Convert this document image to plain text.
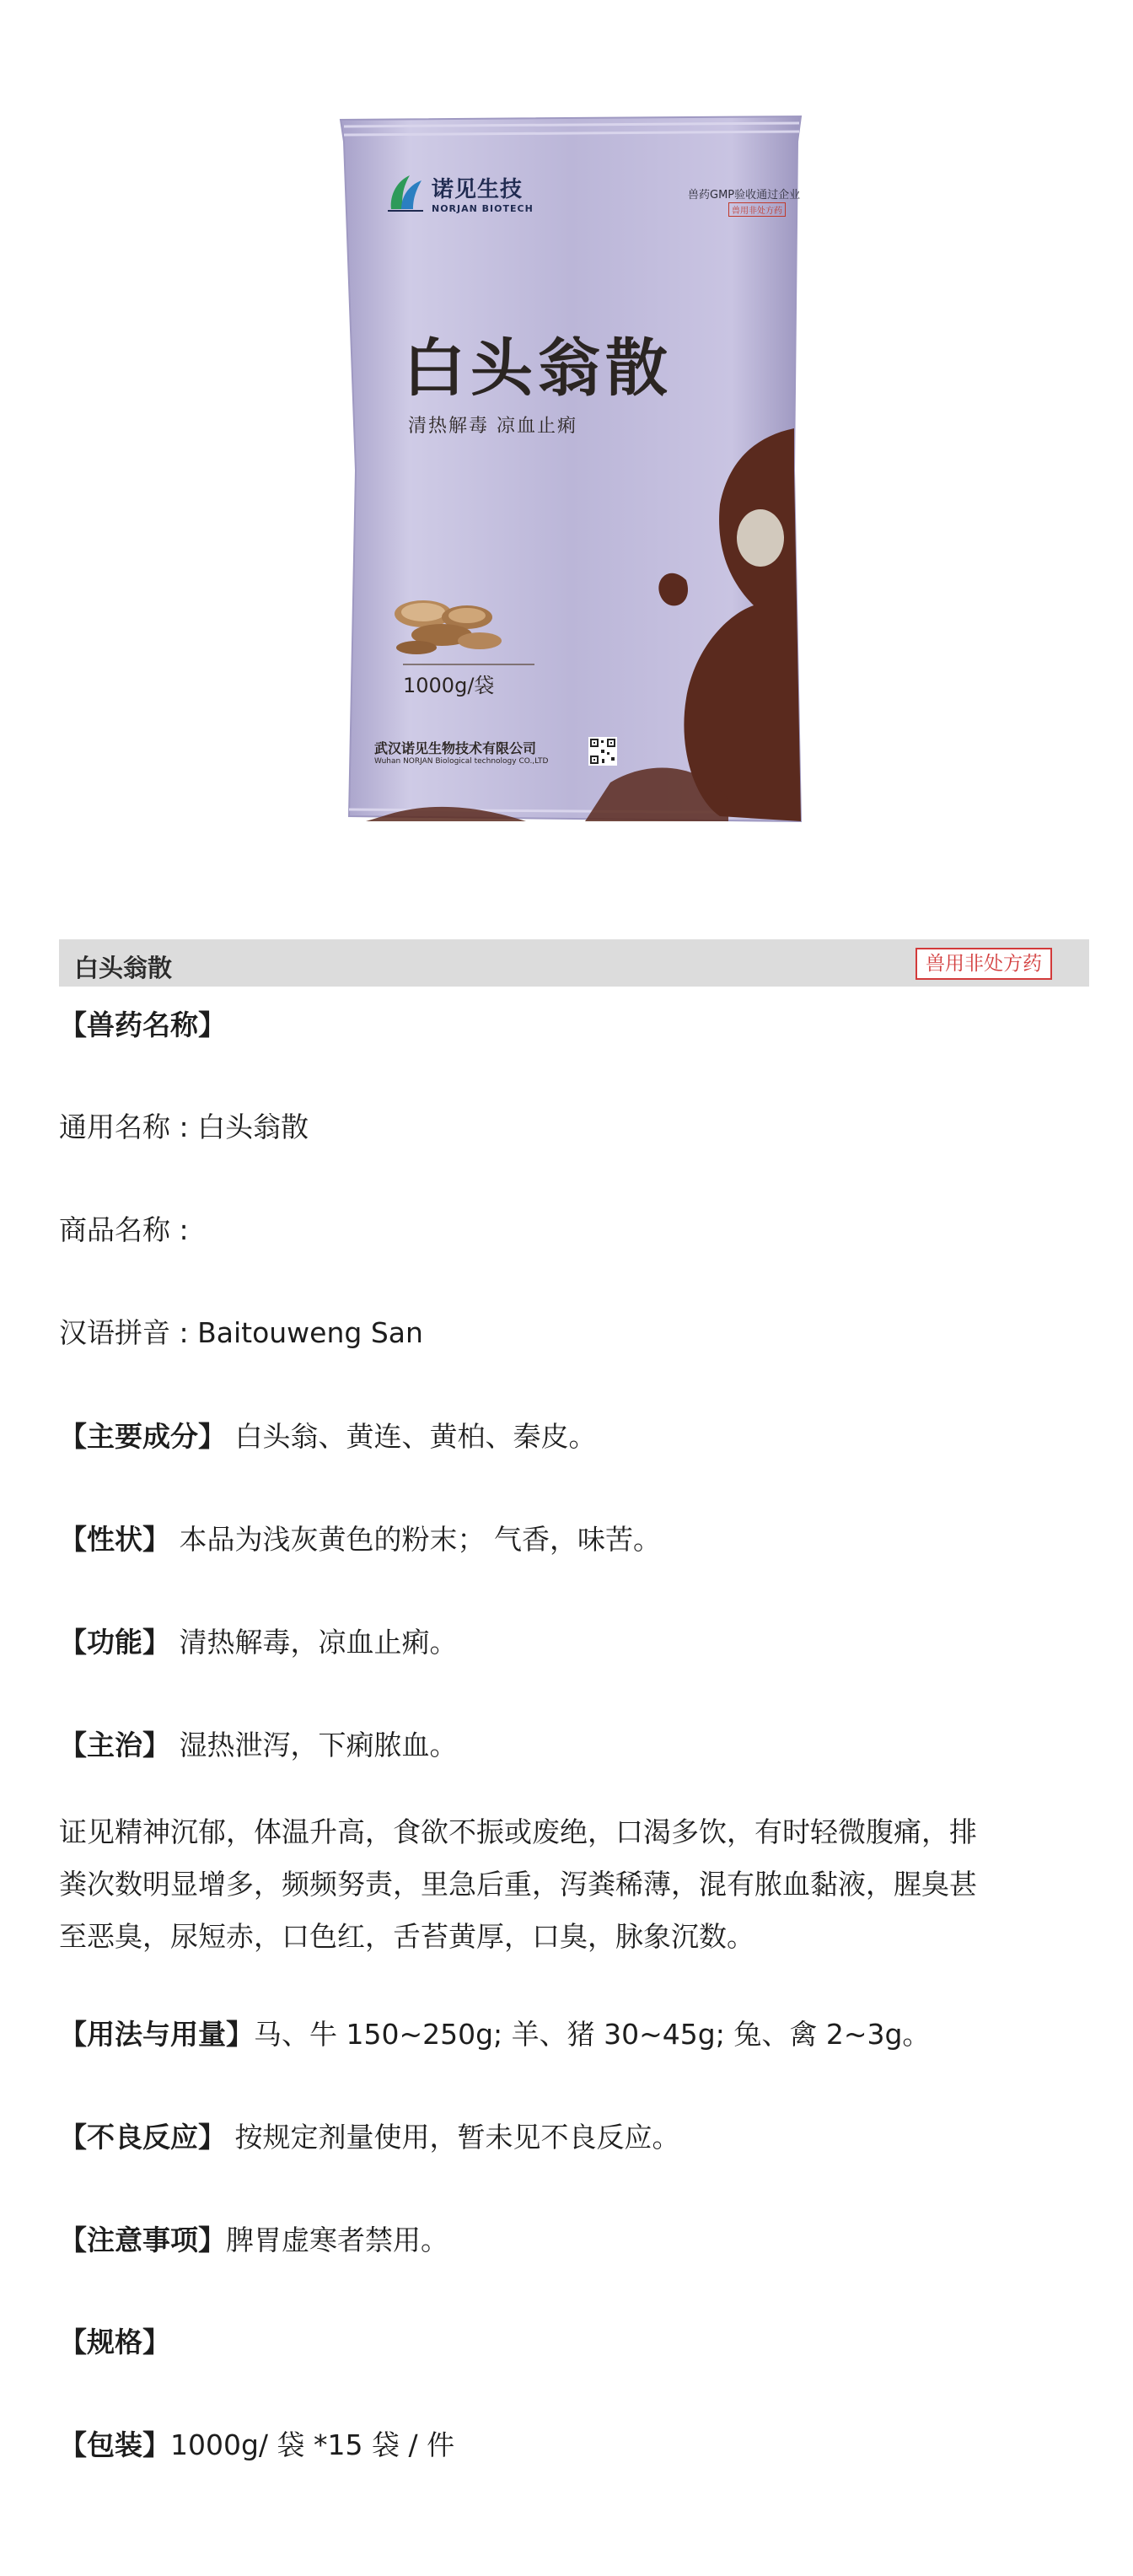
诺见生技
NORJAN BIOTECH
兽药GMP验收通过企业
兽用非处方药
白头翁散
清热解毒 凉血止痢
1000g/袋
武汉诺见生物技术有限公司
Wuhan NORJAN Biological technology CO.,LTD
白头翁散	兽用非处方药
【兽药名称】
通用名称 : 白头翁散
商品名称 :
汉语拼音 : Baitouweng San
【主要成分】 白头翁、黄连、黄柏、秦皮。
【性状】 本品为浅灰黄色的粉末； 气香，味苦。
【功能】 清热解毒，凉血止痢。
【主治】 湿热泄泻，下痢脓血。
证见精神沉郁，体温升高，食欲不振或废绝，口渴多饮，有时轻微腹痛，排
粪次数明显增多，频频努责，里急后重，泻粪稀薄，混有脓血黏液，腥臭甚
至恶臭，尿短赤，口色红，舌苔黄厚，口臭，脉象沉数。
【用法与用量】马、牛 150~250g; 羊、猪 30~45g; 兔、禽 2~3g。
【不良反应】 按规定剂量使用，暂未见不良反应。
【注意事项】脾胃虚寒者禁用。
【规格】
【包装】1000g/ 袋 *15 袋 / 件
